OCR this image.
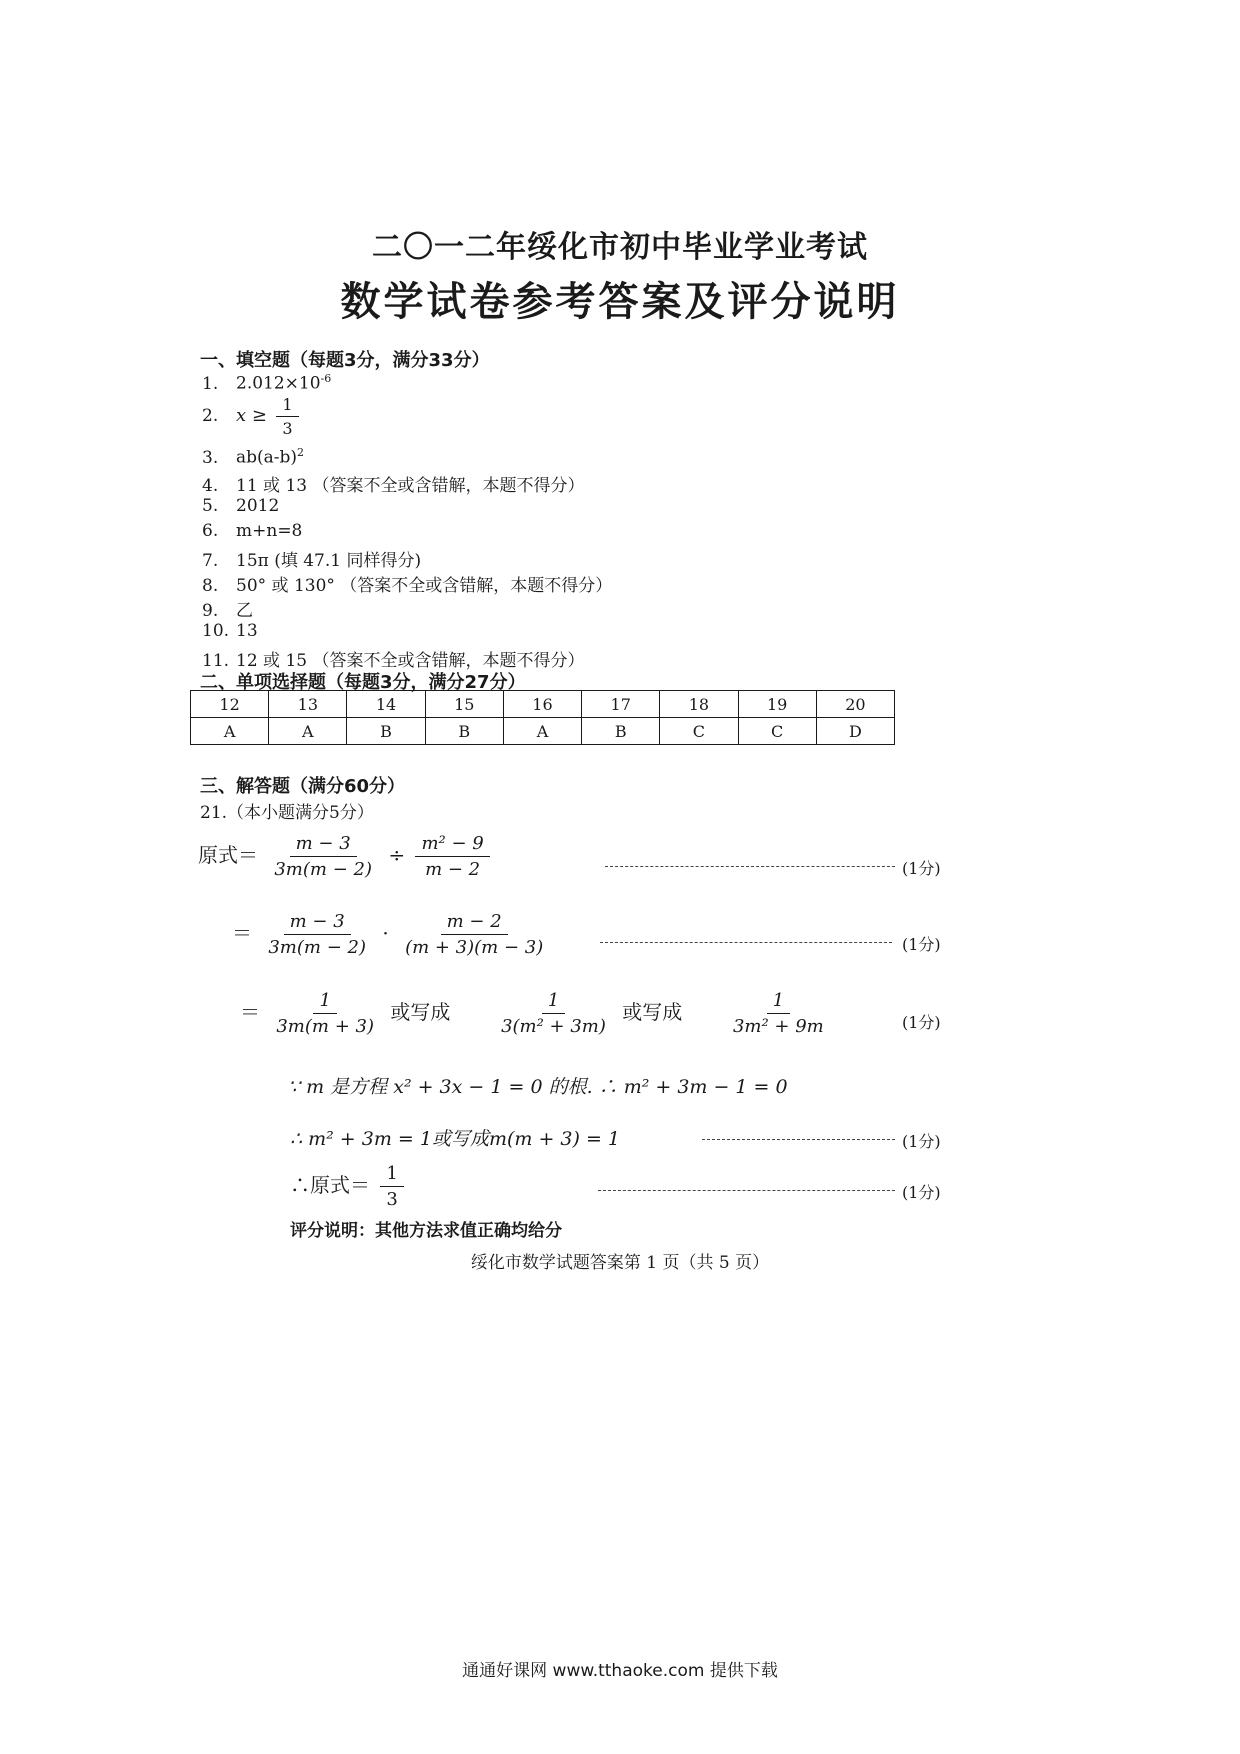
二〇一二年绥化市初中毕业学业考试
数学试卷参考答案及评分说明
一、填空题（每题3分，满分33分）
1. $2.012\times 10^{-6}$
2. $x \ge \frac{1}{3}$
3. $ab(a-b)^2$
4. 11 或 13 （答案不全或含错解，本题不得分）
5. 2012
6. m+n=8
7. 15π (填 47.1 同样得分)
8. 50° 或 130° （答案不全或含错解，本题不得分）
9. 乙
10. 13
11. 12 或 15 （答案不全或含错解，本题不得分）
二、单项选择题（每题3分，满分27分）
12	13	14	15	16	17	18	19	20
A	A	B	B	A	B	C	C	D
三、解答题（满分60分）
21.（本小题满分5分）
原式＝ $\frac{m - 3}{3m(m - 2)} \div \frac{\text{m² − 9}}{m - 2}$	(1分)
＝ $\frac{m - 3}{3m(m - 2)} \cdot \frac{m - 2}{(m + 3)(m - 3)}$	(1分)
＝ $\frac{1}{3m(m + 3)}$ 或写成 $\frac{1}{\text{3(m² + 3m)}}$ 或写成 $\frac{1}{\text{3m² + 9m}}$	(1分)
∵ m 是方程 x² + 3x − 1 = 0 的根. ∴ m² + 3m − 1 = 0
∴ m² + 3m = 1或写成m(m + 3) = 1	(1分)
∴原式＝ $\frac{1}{3}$	(1分)
评分说明：其他方法求值正确均给分
绥化市数学试题答案第 1 页（共 5 页）
通通好课网 www.tthaoke.com 提供下载
